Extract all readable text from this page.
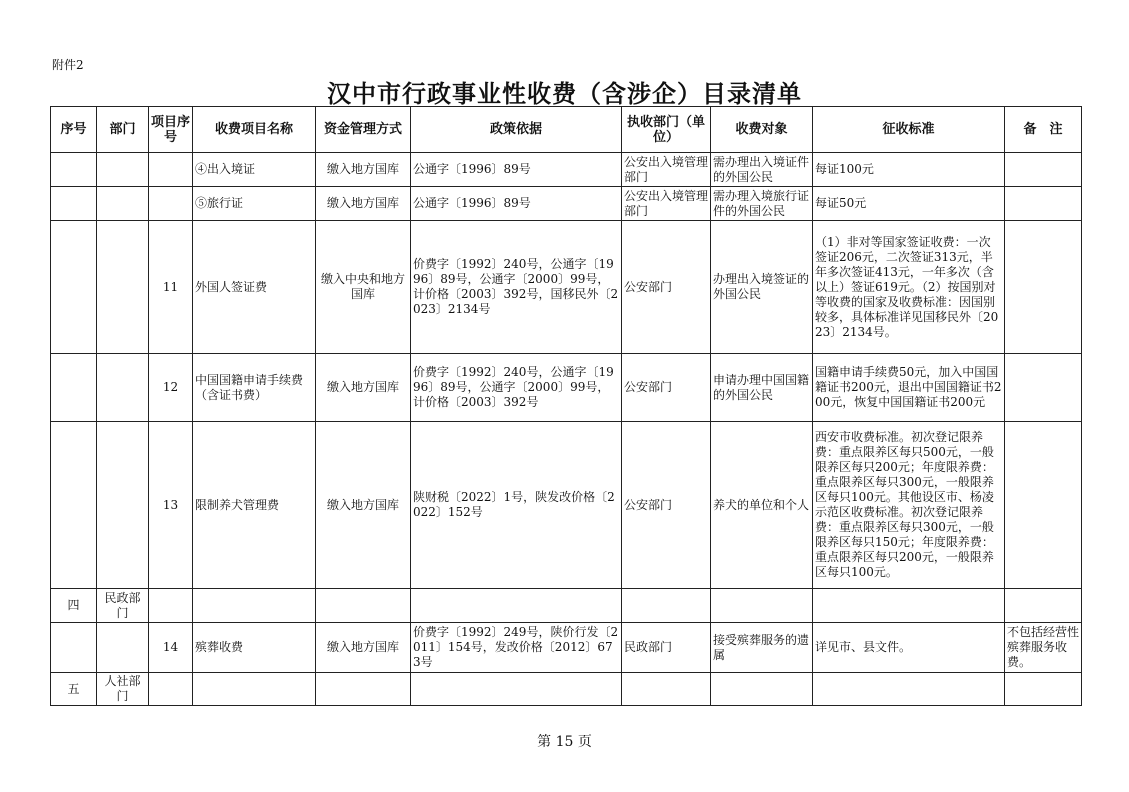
附件2
汉中市行政事业性收费（含涉企）目录清单
序号	部门	项目序号	收费项目名称	资金管理方式	政策依据	执收部门（单位）	收费对象	征收标准	备　注
			④出入境证	缴入地方国库	公通字〔1996〕89号	公安出入境管理部门	需办理出入境证件的外国公民	每证100元	
			⑤旅行证	缴入地方国库	公通字〔1996〕89号	公安出入境管理部门	需办理入境旅行证件的外国公民	每证50元	
		11	外国人签证费	缴入中央和地方国库	价费字〔1992〕240号，公通字〔1996〕89号，公通字〔2000〕99号，计价格〔2003〕392号，国移民外〔2023〕2134号	公安部门	办理出入境签证的外国公民	（1）非对等国家签证收费：一次签证206元，二次签证313元，半年多次签证413元，一年多次（含以上）签证619元。（2）按国别对等收费的国家及收费标准：因国别较多，具体标准详见国移民外〔2023〕2134号。	
		12	中国国籍申请手续费（含证书费）	缴入地方国库	价费字〔1992〕240号，公通字〔1996〕89号，公通字〔2000〕99号，计价格〔2003〕392号	公安部门	申请办理中国国籍的外国公民	国籍申请手续费50元，加入中国国籍证书200元，退出中国国籍证书200元，恢复中国国籍证书200元	
		13	限制养犬管理费	缴入地方国库	陕财税〔2022〕1号，陕发改价格〔2022〕152号	公安部门	养犬的单位和个人	西安市收费标准。初次登记限养费：重点限养区每只500元，一般限养区每只200元；年度限养费：重点限养区每只300元，一般限养区每只100元。其他设区市、杨凌示范区收费标准。初次登记限养费：重点限养区每只300元，一般限养区每只150元；年度限养费：重点限养区每只200元，一般限养区每只100元。	
四	民政部门								
		14	殡葬收费	缴入地方国库	价费字〔1992〕249号，陕价行发〔2011〕154号，发改价格〔2012〕673号	民政部门	接受殡葬服务的遗属	详见市、县文件。	不包括经营性殡葬服务收费。
五	人社部门								
第 15 页
